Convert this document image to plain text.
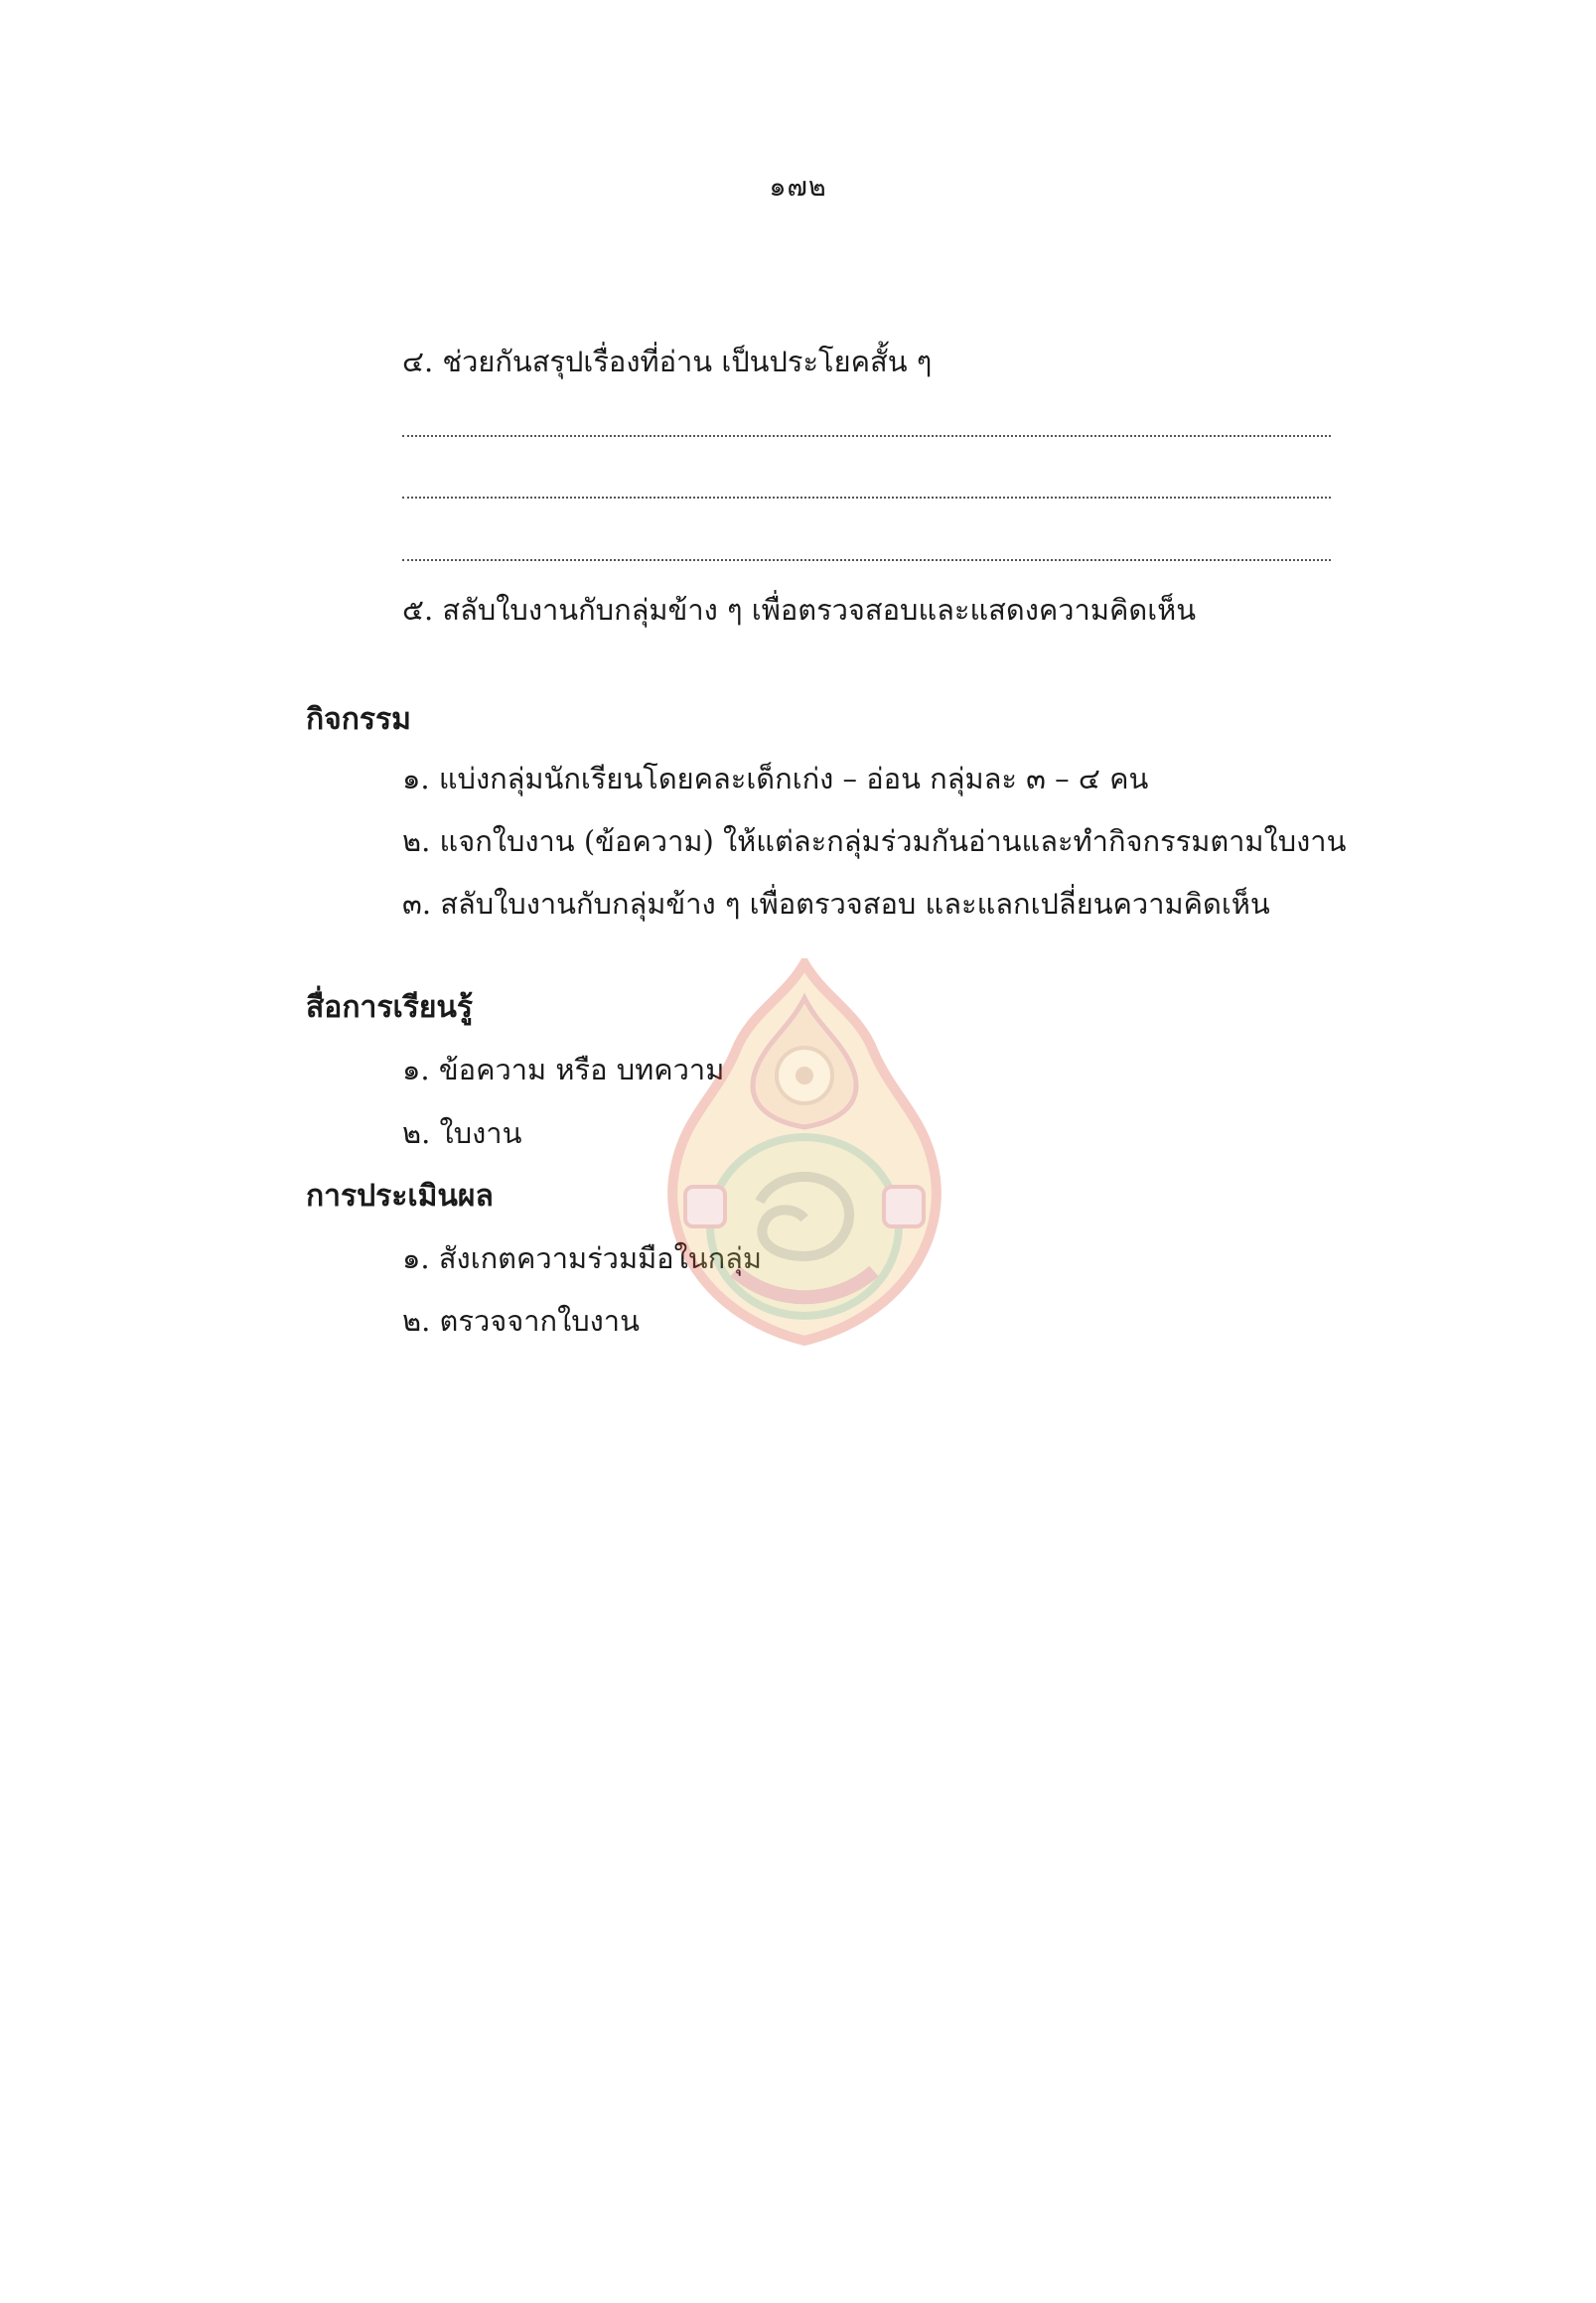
๑๗๒
๔. ช่วยกันสรุปเรื่องที่อ่าน เป็นประโยคสั้น ๆ
๕. สลับใบงานกับกลุ่มข้าง ๆ เพื่อตรวจสอบและแสดงความคิดเห็น
กิจกรรม
๑. แบ่งกลุ่มนักเรียนโดยคละเด็กเก่ง – อ่อน กลุ่มละ ๓ – ๔ คน
๒. แจกใบงาน (ข้อความ) ให้แต่ละกลุ่มร่วมกันอ่านและทำกิจกรรมตามใบงาน
๓. สลับใบงานกับกลุ่มข้าง ๆ เพื่อตรวจสอบ และแลกเปลี่ยนความคิดเห็น
สื่อการเรียนรู้
๑. ข้อความ หรือ บทความ
๒. ใบงาน
การประเมินผล
๑. สังเกตความร่วมมือในกลุ่ม
๒. ตรวจจากใบงาน
